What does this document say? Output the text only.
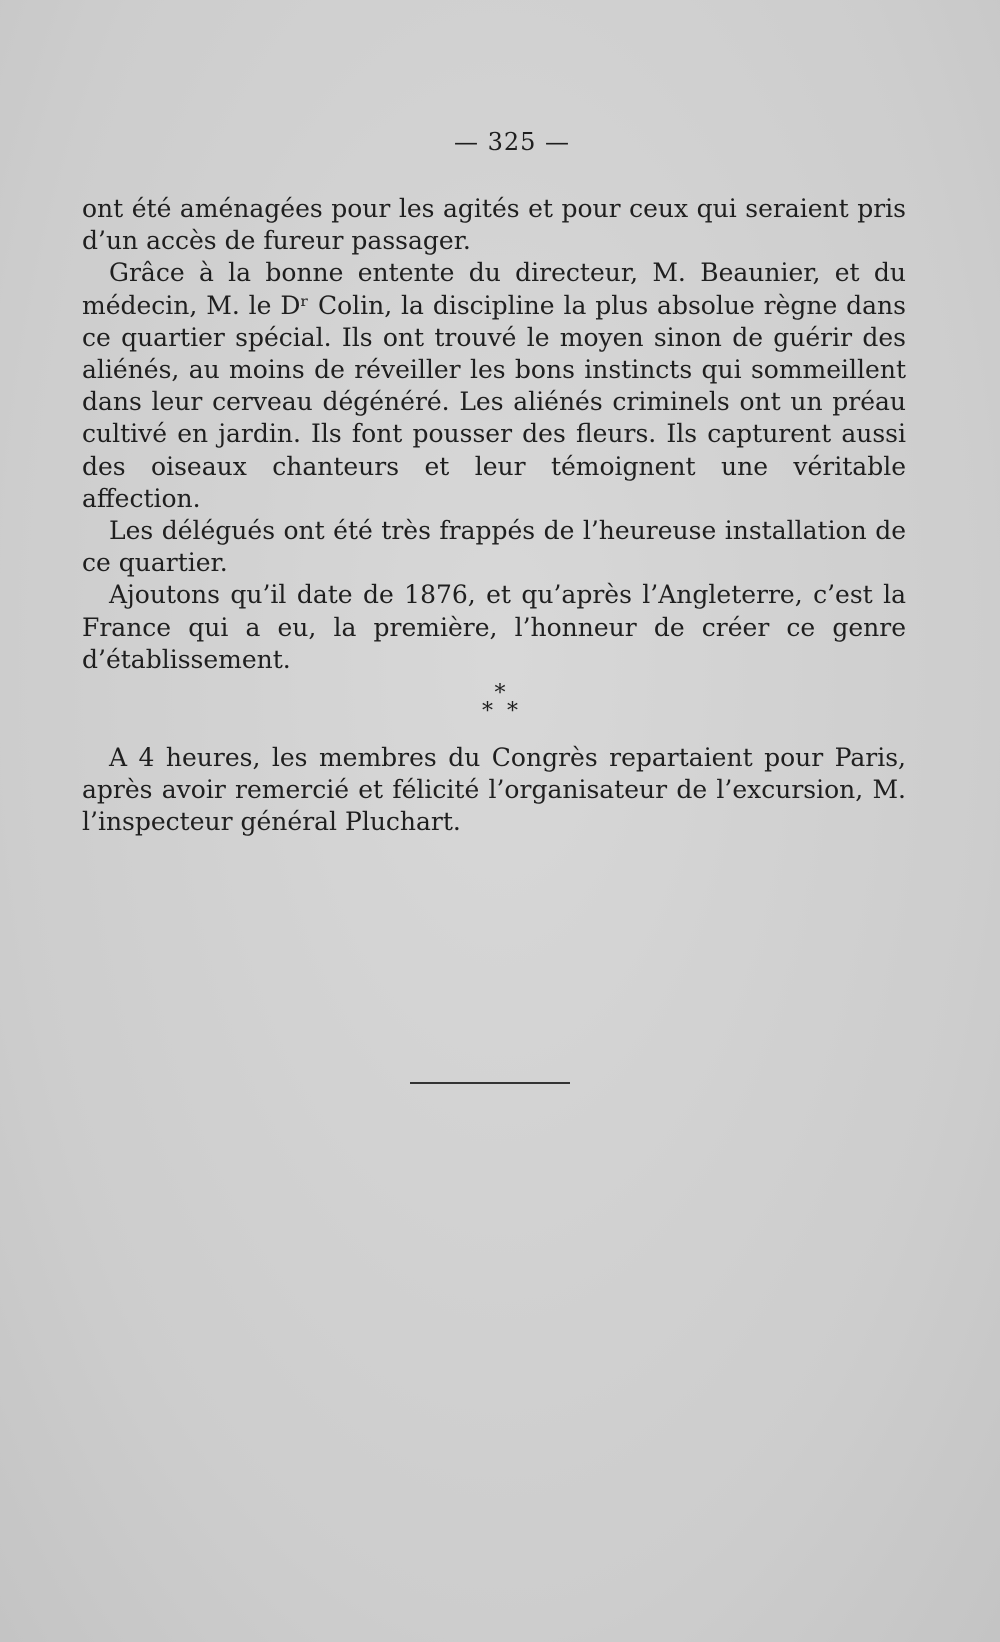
— 325 —

ont été aménagées pour les agités et pour ceux qui seraient pris d’un accès de fureur passager.

Grâce à la bonne entente du directeur, M. Beaunier, et du médecin, M. le Dʳ Colin, la discipline la plus absolue règne dans ce quartier spécial. Ils ont trouvé le moyen sinon de guérir des aliénés, au moins de réveiller les bons instincts qui sommeillent dans leur cerveau dégénéré. Les aliénés criminels ont un préau cultivé en jardin. Ils font pousser des fleurs. Ils capturent aussi des oiseaux chanteurs et leur témoignent une véritable affection.

Les délégués ont été très frappés de l’heureuse installation de ce quartier.

Ajoutons qu’il date de 1876, et qu’après l’Angleterre, c’est la France qui a eu, la première, l’honneur de créer ce genre d’établissement.

*
**

A 4 heures, les membres du Congrès repartaient pour Paris, après avoir remercié et félicité l’organisateur de l’excursion, M. l’inspecteur général Pluchart.
